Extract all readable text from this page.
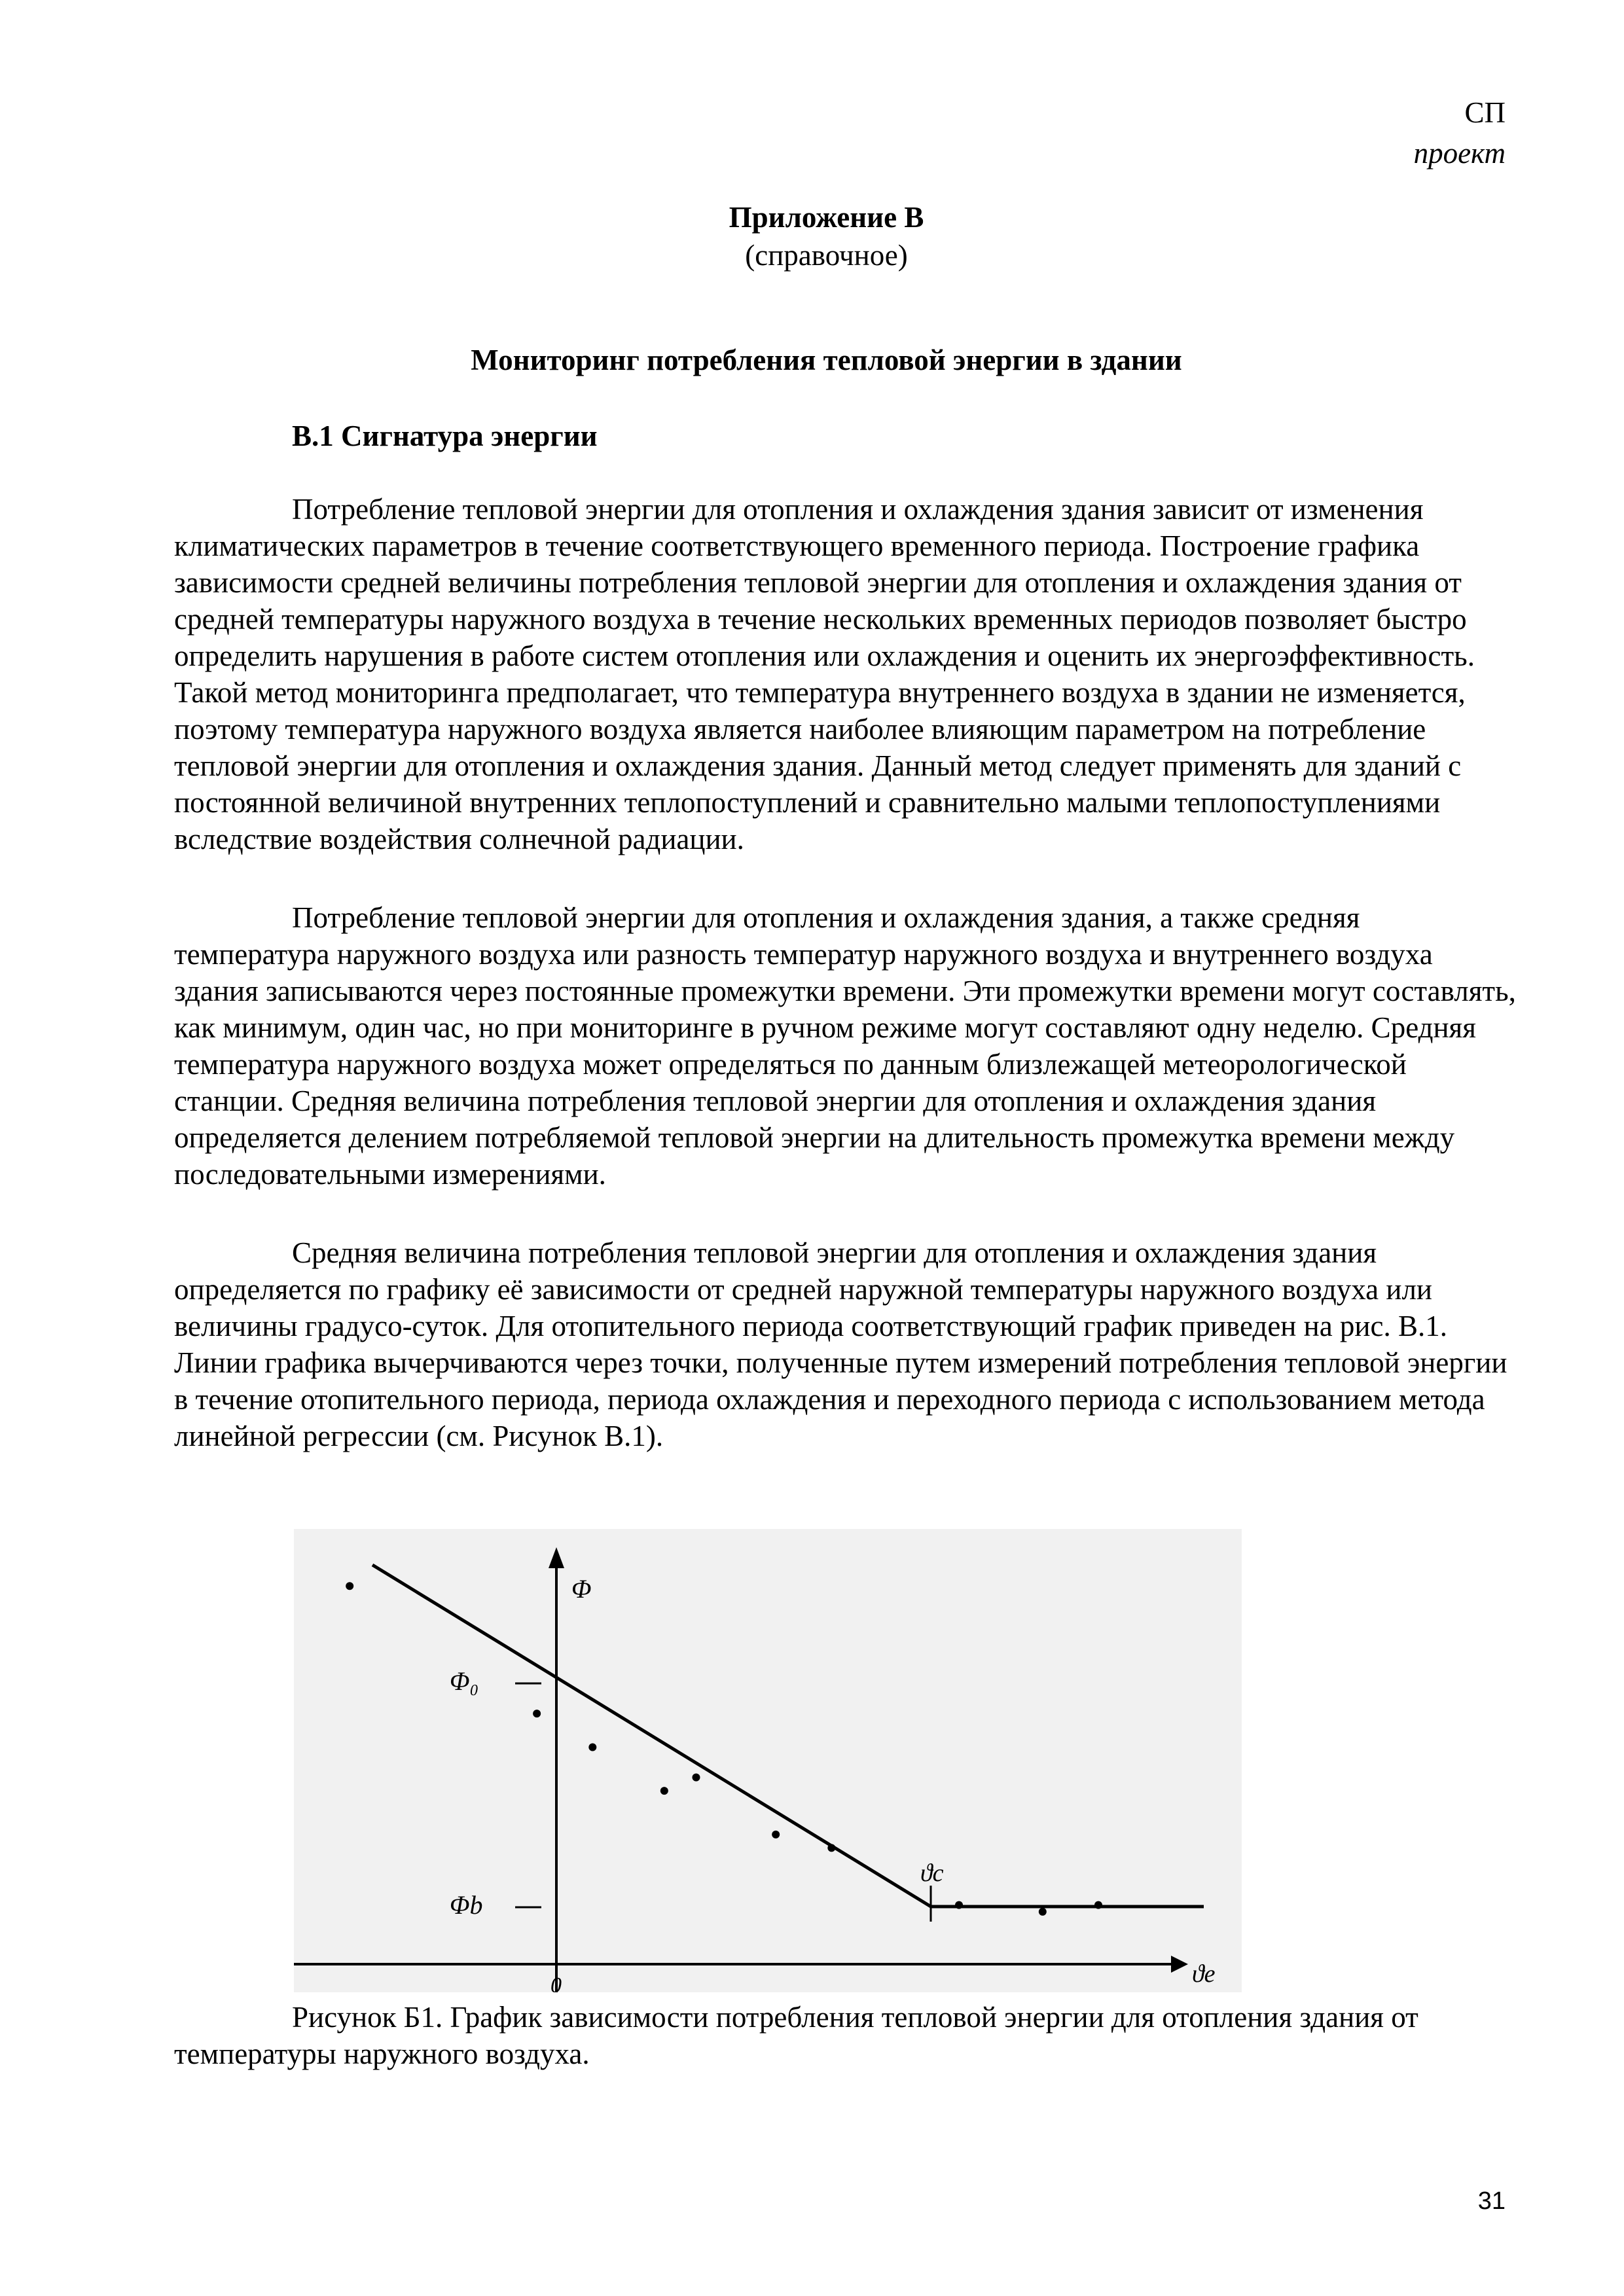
СП
проект
Приложение В
(справочное)
Мониторинг потребления тепловой энергии в здании
В.1 Сигнатура энергии

Потребление тепловой энергии для отопления и охлаждения здания зависит от изменения климатических параметров в течение соответствующего временного периода. Построение графика зависимости средней величины потребления тепловой энергии для отопления и охлаждения здания от средней температуры наружного воздуха в течение нескольких временных периодов позволяет быстро определить нарушения в работе систем отопления или охлаждения и оценить их энергоэффективность. Такой метод мониторинга предполагает, что температура внутреннего воздуха в здании не изменяется, поэтому температура наружного воздуха является наиболее влияющим параметром на потребление тепловой энергии для отопления и охлаждения здания. Данный метод следует применять для зданий с постоянной величиной внутренних теплопоступлений и сравнительно малыми теплопоступлениями вследствие воздействия солнечной радиации.

Потребление тепловой энергии для отопления и охлаждения здания, а также средняя температура наружного воздуха или разность температур наружного воздуха и внутреннего воздуха здания записываются через постоянные промежутки времени. Эти промежутки времени могут составлять, как минимум, один час, но при мониторинге в ручном режиме могут составляют одну неделю. Средняя температура наружного воздуха может определяться по данным близлежащей метеорологической станции. Средняя величина потребления тепловой энергии для отопления и охлаждения здания определяется делением потребляемой тепловой энергии на длительность промежутка времени между последовательными измерениями.

Средняя величина потребления тепловой энергии для отопления и охлаждения здания определяется по графику её зависимости от средней наружной температуры наружного воздуха или величины градусо-суток. Для отопительного периода соответствующий график приведен на рис. В.1. Линии графика вычерчиваются через точки, полученные путем измерений потребления тепловой энергии в течение отопительного периода, периода охлаждения и переходного периода с использованием метода линейной регрессии (см. Рисунок В.1).

Φ
Φ₀
Φb
0
ϑc
ϑe
Рисунок Б1. График зависимости потребления тепловой энергии для отопления здания от температуры наружного воздуха.
31
